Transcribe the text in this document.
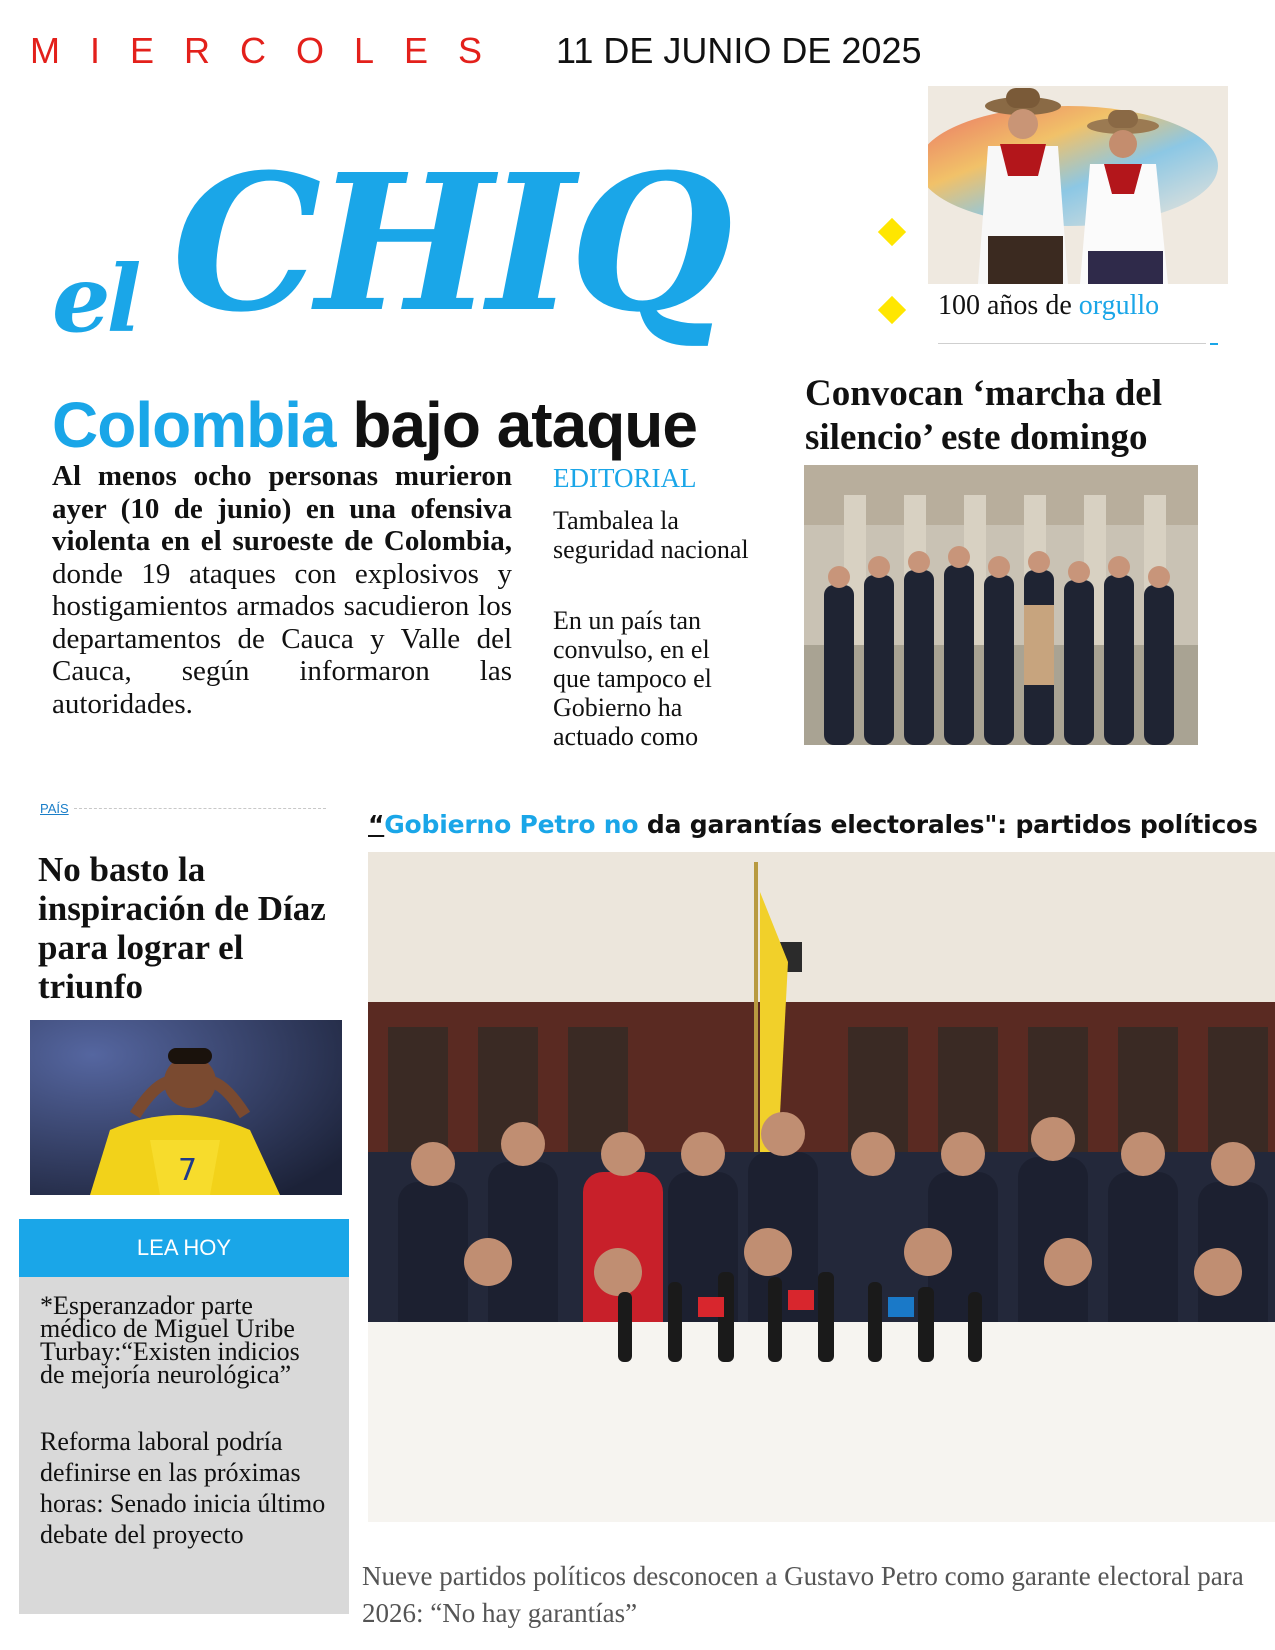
MIERCOLES 11 DE JUNIO DE 2025
el CHIQ	100 años de orgullo
Colombia bajo ataque
Al menos ocho personas murieron ayer (10 de junio) en una ofensiva violenta en el suroeste de Colombia, donde 19 ataques con explosivos y hostigamientos armados sacudieron los departamentos de Cauca y Valle del Cauca, según informaron las autoridades.
EDITORIAL
Tambalea la seguridad nacional
En un país tan convulso, en el que tampoco el Gobierno ha actuado como
Convocan ‘marcha del silencio’ este domingo
PAÍS
No basto la inspiración de Díaz para lograr el triunfo
7
LEA HOY
*Esperanzador parte médico de Miguel Uribe Turbay:“Existen indicios de mejoría neurológica”
Reforma laboral podría definirse en las próximas horas: Senado inicia último debate del proyecto
“Gobierno Petro no da garantías electorales": partidos políticos
Nueve partidos políticos desconocen a Gustavo Petro como garante electoral para 2026: “No hay garantías”
